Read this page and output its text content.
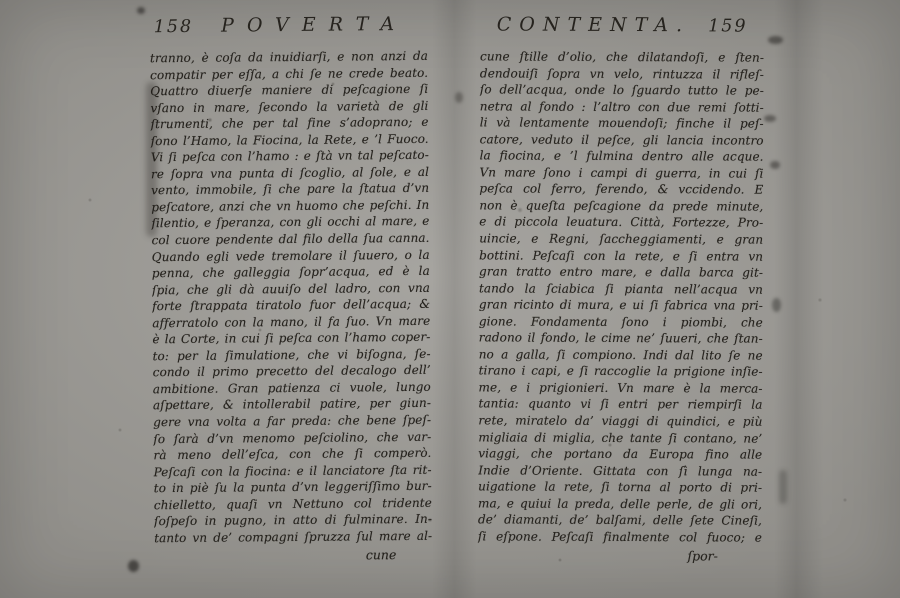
158 POVERTA
tranno, è coſa da inuidiarſi, e non anzi da
compatir per eſſa, a chi ſe ne crede beato.
Quattro diuerſe maniere di peſcagione ſi
vſano in mare, ſecondo la varietà de gli
ſtrumenti, che per tal fine s’adoprano; e
ſono l’Hamo, la Fiocina, la Rete, e ’l Fuoco.
Vi ſi peſca con l’hamo : e ſtà vn tal peſcato-
re ſopra vna punta di ſcoglio, al ſole, e al
vento, immobile, ſi che pare la ſtatua d’vn
peſcatore, anzi che vn huomo che peſchi. In
ſilentio, e ſperanza, con gli occhi al mare, e
col cuore pendente dal filo della ſua canna.
Quando egli vede tremolare il ſuuero, o la
penna, che galleggia ſopr’acqua, ed è la
ſpia, che gli dà auuiſo del ladro, con vna
forte ſtrappata tiratolo fuor dell’acqua; &
afferratolo con la mano, il fa ſuo. Vn mare
è la Corte, in cui ſi peſca con l’hamo coper-
to: per la ſimulatione, che vi biſogna, ſe-
condo il primo precetto del decalogo dell’
ambitione. Gran patienza ci vuole, lungo
aſpettare, & intollerabil patire, per giun-
gere vna volta a far preda: che bene ſpeſ-
ſo ſarà d’vn menomo peſciolino, che var-
rà meno dell’eſca, con che ſi comperò.
Peſcaſi con la fiocina: e il lanciatore ſta rit-
to in piè ſu la punta d’vn leggeriſſimo bur-
chielletto, quaſi vn Nettuno col tridente
ſoſpeſo in pugno, in atto di fulminare. In-
tanto vn de’ compagni ſpruzza ſul mare al-
cune
CONTENTA. 159
cune ſtille d’olio, che dilatandoſi, e ſten-
dendouiſi ſopra vn velo, rintuzza il rifleſ-
ſo dell’acqua, onde lo ſguardo tutto le pe-
netra al fondo : l’altro con due remi ſotti-
li và lentamente mouendoſi; finche il peſ-
catore, veduto il peſce, gli lancia incontro
la fiocina, e ’l fulmina dentro alle acque.
Vn mare ſono i campi di guerra, in cui ſi
peſca col ferro, ferendo, & vccidendo. E
non è queſta peſcagione da prede minute,
e di piccola leuatura. Città, Fortezze, Pro-
uincie, e Regni, ſaccheggiamenti, e gran
bottini. Peſcaſi con la rete, e ſi entra vn
gran tratto entro mare, e dalla barca git-
tando la ſciabica ſi pianta nell’acqua vn
gran ricinto di mura, e ui ſi fabrica vna pri-
gione. Fondamenta ſono i piombi, che
radono il fondo, le cime ne’ ſuueri, che ſtan-
no a galla, ſi compiono. Indi dal lito ſe ne
tirano i capi, e ſi raccoglie la prigione inſie-
me, e i prigionieri. Vn mare è la merca-
tantia: quanto vi ſi entri per riempirſi la
rete, miratelo da’ viaggi di quindici, e più
migliaia di miglia, che tante ſi contano, ne’
viaggi, che portano da Europa fino alle
Indie d’Oriente. Gittata con ſì lunga na-
uigatione la rete, ſi torna al porto di pri-
ma, e quiui la preda, delle perle, de gli ori,
de’ diamanti, de’ balſami, delle ſete Cineſi,
ſi eſpone. Peſcaſi finalmente col fuoco; e
ſpor-
